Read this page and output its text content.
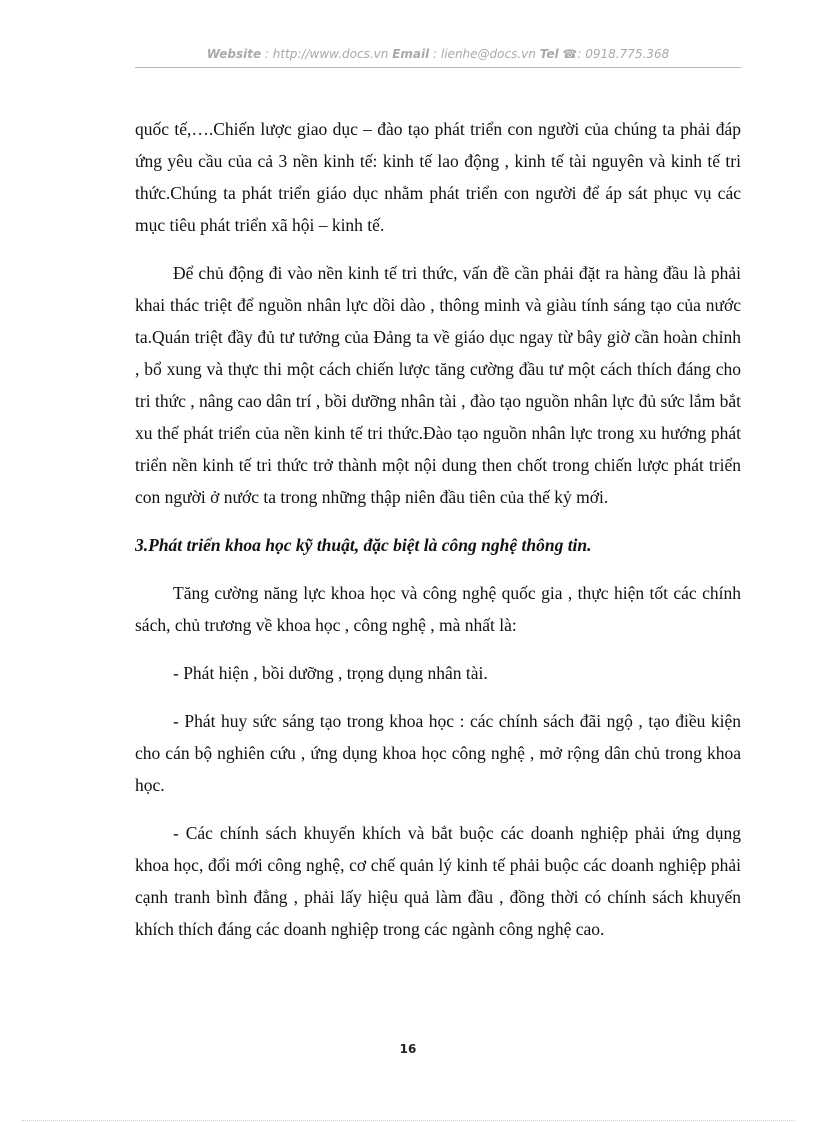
Website : http://www.docs.vn Email : lienhe@docs.vn Tel ☎: 0918.775.368

quốc tế,….Chiến lược giao dục – đào tạo phát triển con người của chúng ta phải đáp ứng yêu cầu của cả 3 nền kinh tế: kinh tế lao động , kinh tế tài nguyên và kinh tế tri thức.Chúng ta phát triển giáo dục nhằm phát triển con người để áp sát phục vụ các mục tiêu phát triển xã hội – kinh tế.

Để chủ động đi vào nền kinh tế tri thức, vấn đề cần phải đặt ra hàng đầu là phải khai thác triệt để nguồn nhân lực dồi dào , thông minh và giàu tính sáng tạo của nước ta.Quán triệt đầy đủ tư tưởng của Đảng ta về giáo dục ngay từ bây giờ cần hoàn chỉnh , bổ xung và thực thi một cách chiến lược tăng cường đầu tư một cách thích đáng cho tri thức , nâng cao dân trí , bồi dưỡng nhân tài , đào tạo nguồn nhân lực đủ sức lắm bắt xu thế phát triển của nền kinh tế tri thức.Đào tạo nguồn nhân lực trong xu hướng phát triển nền kinh tế tri thức trở thành một nội dung then chốt trong chiến lược phát triển con người ở nước ta trong những thập niên đầu tiên của thế kỷ mới.

3.Phát triển khoa học kỹ thuật, đặc biệt là công nghệ thông tin.

Tăng cường năng lực khoa học và công nghệ quốc gia , thực hiện tốt các chính sách, chủ trương về khoa học , công nghệ , mà nhất là:

- Phát hiện , bồi dưỡng , trọng dụng nhân tài.

- Phát huy sức sáng tạo trong khoa học : các chính sách đãi ngộ , tạo điều kiện cho cán bộ nghiên cứu , ứng dụng khoa học công nghệ , mở rộng dân chủ trong khoa học.

- Các chính sách khuyến khích và bắt buộc các doanh nghiệp phải ứng dụng khoa học, đổi mới công nghệ, cơ chế quản lý kinh tế phải buộc các doanh nghiệp phải cạnh tranh bình đẳng , phải lấy hiệu quả làm đầu , đồng thời có chính sách khuyến khích thích đáng các doanh nghiệp trong các ngành công nghệ cao.

16
